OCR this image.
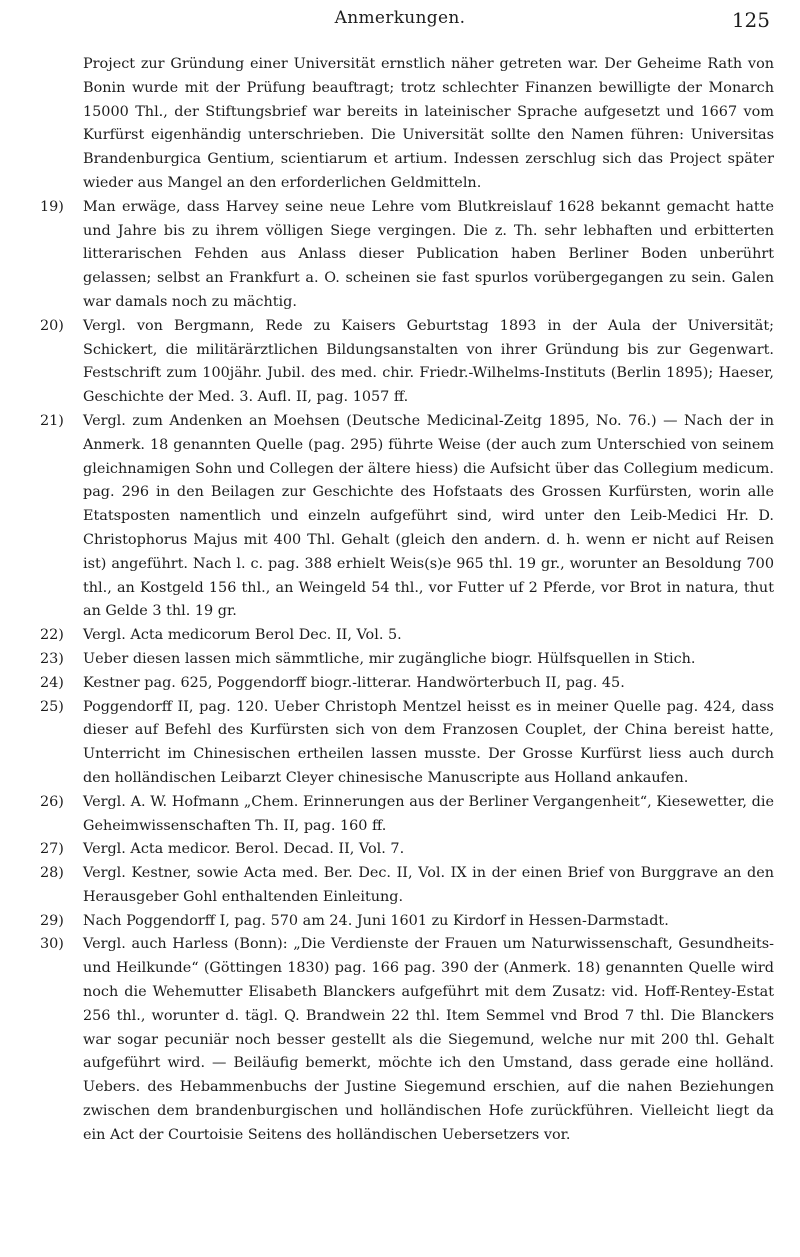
Anmerkungen.	125
Project zur Gründung einer Universität ernstlich näher getreten war. Der Geheime Rath von Bonin wurde mit der Prüfung beauftragt; trotz schlechter Finanzen bewilligte der Monarch 15000 Thl., der Stiftungsbrief war bereits in lateinischer Sprache aufgesetzt und 1667 vom Kurfürst eigenhändig unterschrieben. Die Universität sollte den Namen führen: Universitas Brandenburgica Gentium, scientiarum et artium. Indessen zerschlug sich das Project später wieder aus Mangel an den erforderlichen Geldmitteln.
19) Man erwäge, dass Harvey seine neue Lehre vom Blutkreislauf 1628 bekannt gemacht hatte und Jahre bis zu ihrem völligen Siege vergingen. Die z. Th. sehr lebhaften und erbitterten litterarischen Fehden aus Anlass dieser Publication haben Berliner Boden unberührt gelassen; selbst an Frankfurt a. O. scheinen sie fast spurlos vorübergegangen zu sein. Galen war damals noch zu mächtig.
20) Vergl. von Bergmann, Rede zu Kaisers Geburtstag 1893 in der Aula der Universität; Schickert, die militärärztlichen Bildungsanstalten von ihrer Gründung bis zur Gegenwart. Festschrift zum 100jähr. Jubil. des med. chir. Friedr.-Wilhelms-Instituts (Berlin 1895); Haeser, Geschichte der Med. 3. Aufl. II, pag. 1057 ff.
21) Vergl. zum Andenken an Moehsen (Deutsche Medicinal-Zeitg 1895, No. 76.) — Nach der in Anmerk. 18 genannten Quelle (pag. 295) führte Weise (der auch zum Unterschied von seinem gleichnamigen Sohn und Collegen der ältere hiess) die Aufsicht über das Collegium medicum. pag. 296 in den Beilagen zur Geschichte des Hofstaats des Grossen Kurfürsten, worin alle Etatsposten namentlich und einzeln aufgeführt sind, wird unter den Leib-Medici Hr. D. Christophorus Majus mit 400 Thl. Gehalt (gleich den andern. d. h. wenn er nicht auf Reisen ist) angeführt. Nach l. c. pag. 388 erhielt Weis(s)e 965 thl. 19 gr., worunter an Besoldung 700 thl., an Kostgeld 156 thl., an Weingeld 54 thl., vor Futter uf 2 Pferde, vor Brot in natura, thut an Gelde 3 thl. 19 gr.
22) Vergl. Acta medicorum Berol Dec. II, Vol. 5.
23) Ueber diesen lassen mich sämmtliche, mir zugängliche biogr. Hülfsquellen in Stich.
24) Kestner pag. 625, Poggendorff biogr.-litterar. Handwörterbuch II, pag. 45.
25) Poggendorff II, pag. 120. Ueber Christoph Mentzel heisst es in meiner Quelle pag. 424, dass dieser auf Befehl des Kurfürsten sich von dem Franzosen Couplet, der China bereist hatte, Unterricht im Chinesischen ertheilen lassen musste. Der Grosse Kurfürst liess auch durch den holländischen Leibarzt Cleyer chinesische Manuscripte aus Holland ankaufen.
26) Vergl. A. W. Hofmann „Chem. Erinnerungen aus der Berliner Vergangenheit“, Kiesewetter, die Geheimwissenschaften Th. II, pag. 160 ff.
27) Vergl. Acta medicor. Berol. Decad. II, Vol. 7.
28) Vergl. Kestner, sowie Acta med. Ber. Dec. II, Vol. IX in der einen Brief von Burggrave an den Herausgeber Gohl enthaltenden Einleitung.
29) Nach Poggendorff I, pag. 570 am 24. Juni 1601 zu Kirdorf in Hessen-Darmstadt.
30) Vergl. auch Harless (Bonn): „Die Verdienste der Frauen um Naturwissenschaft, Gesundheits- und Heilkunde“ (Göttingen 1830) pag. 166 pag. 390 der (Anmerk. 18) genannten Quelle wird noch die Wehemutter Elisabeth Blanckers aufgeführt mit dem Zusatz: vid. Hoff-Rentey-Estat 256 thl., worunter d. tägl. Q. Brandwein 22 thl. Item Semmel vnd Brod 7 thl. Die Blanckers war sogar pecuniär noch besser gestellt als die Siegemund, welche nur mit 200 thl. Gehalt aufgeführt wird. — Beiläufig bemerkt, möchte ich den Umstand, dass gerade eine holländ. Uebers. des Hebammenbuchs der Justine Siegemund erschien, auf die nahen Beziehungen zwischen dem brandenburgischen und holländischen Hofe zurückführen. Vielleicht liegt da ein Act der Courtoisie Seitens des holländischen Uebersetzers vor.
